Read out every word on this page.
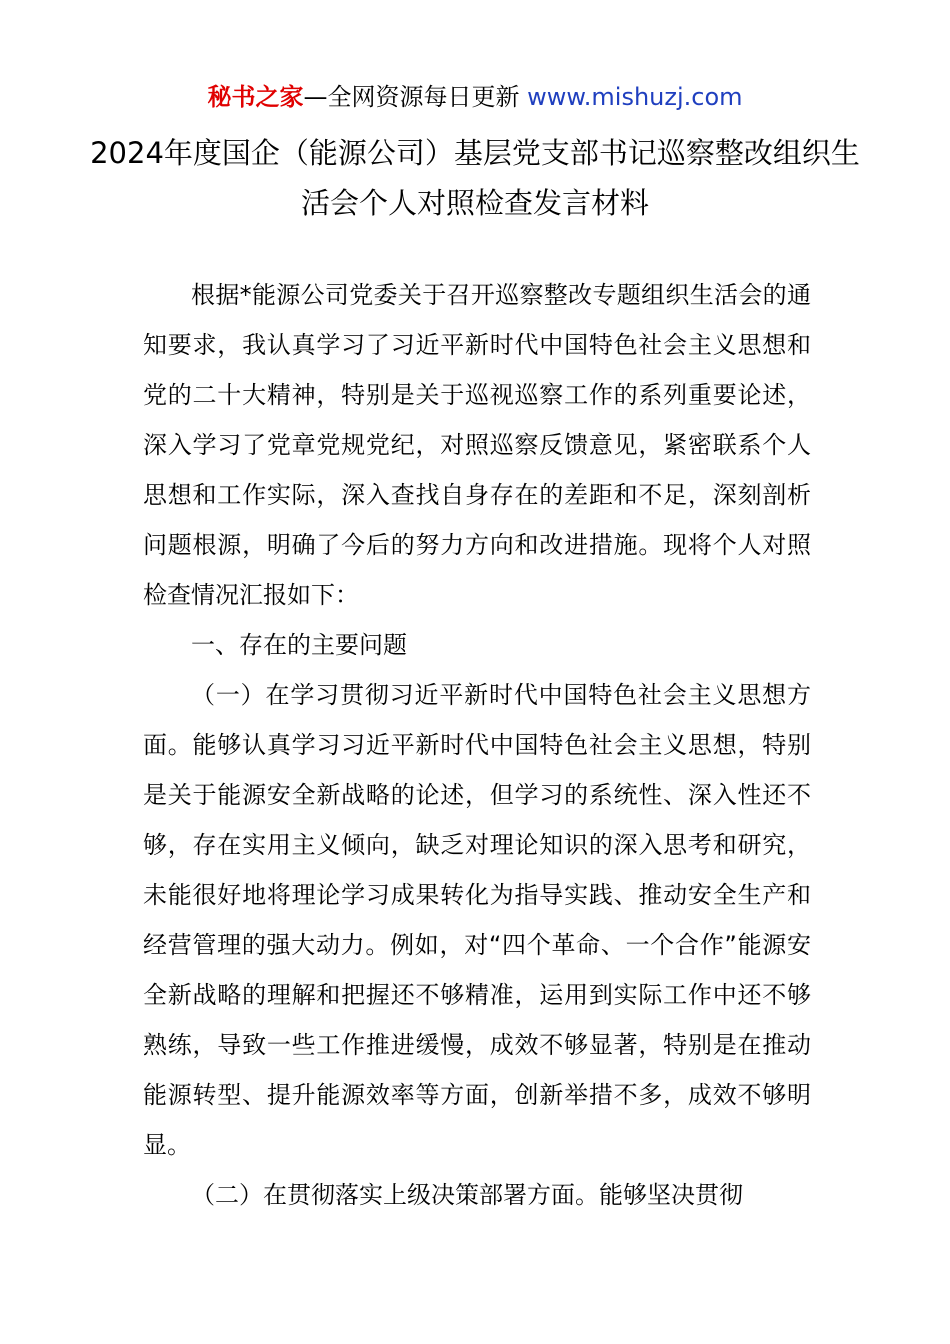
秘书之家—全网资源每日更新 www.mishuzj.com
2024年度国企（能源公司）基层党支部书记巡察整改组织生活会个人对照检查发言材料

根据*能源公司党委关于召开巡察整改专题组织生活会的通知要求，我认真学习了习近平新时代中国特色社会主义思想和党的二十大精神，特别是关于巡视巡察工作的系列重要论述，深入学习了党章党规党纪，对照巡察反馈意见，紧密联系个人思想和工作实际，深入查找自身存在的差距和不足，深刻剖析问题根源，明确了今后的努力方向和改进措施。现将个人对照检查情况汇报如下：

一、存在的主要问题

（一）在学习贯彻习近平新时代中国特色社会主义思想方面。能够认真学习习近平新时代中国特色社会主义思想，特别是关于能源安全新战略的论述，但学习的系统性、深入性还不够，存在实用主义倾向，缺乏对理论知识的深入思考和研究，未能很好地将理论学习成果转化为指导实践、推动安全生产和经营管理的强大动力。例如，对“四个革命、一个合作”能源安全新战略的理解和把握还不够精准，运用到实际工作中还不够熟练，导致一些工作推进缓慢，成效不够显著，特别是在推动能源转型、提升能源效率等方面，创新举措不多，成效不够明显。

（二）在贯彻落实上级决策部署方面。能够坚决贯彻
